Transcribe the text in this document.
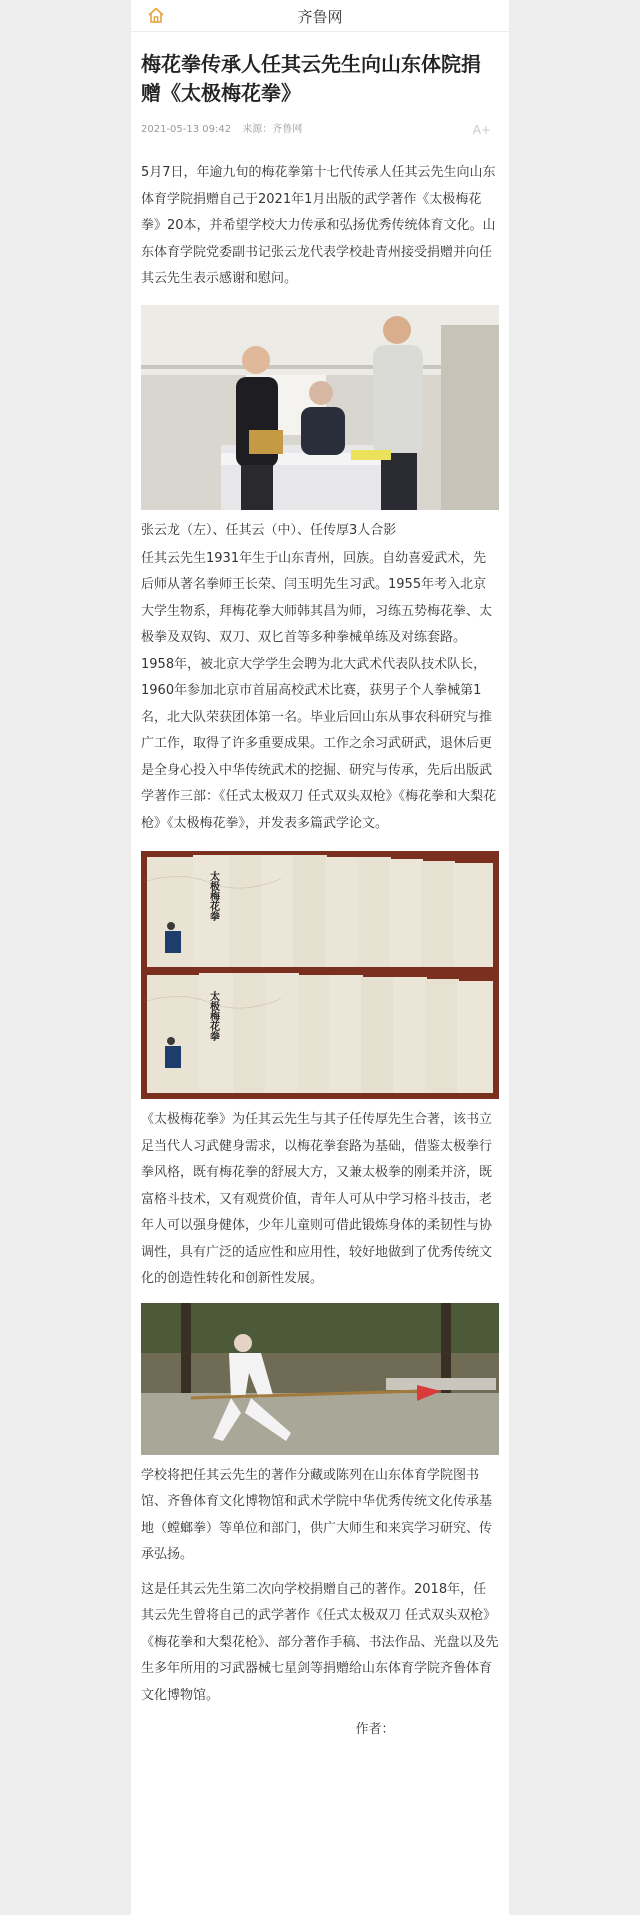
齐鲁网
梅花拳传承人任其云先生向山东体院捐赠《太极梅花拳》
2021-05-13 09:42 来源：齐鲁网	A+

5月7日，年逾九旬的梅花拳第十七代传承人任其云先生向山东体育学院捐赠自己于2021年1月出版的武学著作《太极梅花拳》20本，并希望学校大力传承和弘扬优秀传统体育文化。山东体育学院党委副书记张云龙代表学校赴青州接受捐赠并向任其云先生表示感谢和慰问。

张云龙（左）、任其云（中）、任传厚3人合影

任其云先生1931年生于山东青州，回族。自幼喜爱武术，先后师从著名拳师王长荣、闫玉明先生习武。1955年考入北京大学生物系，拜梅花拳大师韩其昌为师，习练五势梅花拳、太极拳及双钩、双刀、双匕首等多种拳械单练及对练套路。1958年，被北京大学学生会聘为北大武术代表队技术队长，1960年参加北京市首届高校武术比赛，获男子个人拳械第1名，北大队荣获团体第一名。毕业后回山东从事农科研究与推广工作，取得了许多重要成果。工作之余习武研武，退休后更是全身心投入中华传统武术的挖掘、研究与传承，先后出版武学著作三部：《任式太极双刀 任式双头双枪》《梅花拳和大梨花枪》《太极梅花拳》，并发表多篇武学论文。

太极梅花拳
太极梅花拳

《太极梅花拳》为任其云先生与其子任传厚先生合著，该书立足当代人习武健身需求，以梅花拳套路为基础，借鉴太极拳行拳风格，既有梅花拳的舒展大方，又兼太极拳的刚柔并济，既富格斗技术，又有观赏价值，青年人可从中学习格斗技击，老年人可以强身健体，少年儿童则可借此锻炼身体的柔韧性与协调性，具有广泛的适应性和应用性，较好地做到了优秀传统文化的创造性转化和创新性发展。

学校将把任其云先生的著作分藏或陈列在山东体育学院图书馆、齐鲁体育文化博物馆和武术学院中华优秀传统文化传承基地（螳螂拳）等单位和部门，供广大师生和来宾学习研究、传承弘扬。

这是任其云先生第二次向学校捐赠自己的著作。2018年，任其云先生曾将自己的武学著作《任式太极双刀 任式双头双枪》《梅花拳和大梨花枪》、部分著作手稿、书法作品、光盘以及先生多年所用的习武器械七星剑等捐赠给山东体育学院齐鲁体育文化博物馆。

作者：
